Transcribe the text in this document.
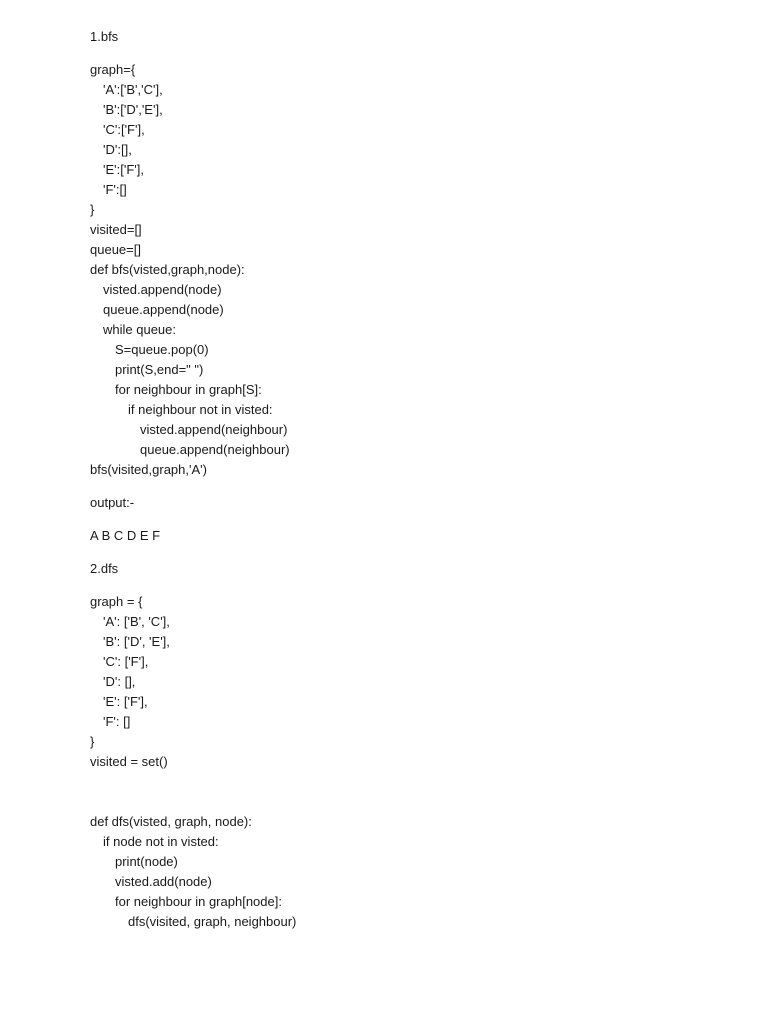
1.bfs
graph={
'A':['B','C'],
'B':['D','E'],
'C':['F'],
'D':[],
'E':['F'],
'F':[]
}
visited=[]
queue=[]
def bfs(visted,graph,node):
visted.append(node)
queue.append(node)
while queue:
S=queue.pop(0)
print(S,end=" ")
for neighbour in graph[S]:
if neighbour not in visted:
visted.append(neighbour)
queue.append(neighbour)
bfs(visited,graph,'A')
output:-
A B C D E F
2.dfs
graph = {
'A': ['B', 'C'],
'B': ['D', 'E'],
'C': ['F'],
'D': [],
'E': ['F'],
'F': []
}
visited = set()
def dfs(visted, graph, node):
if node not in visted:
print(node)
visted.add(node)
for neighbour in graph[node]:
dfs(visited, graph, neighbour)
